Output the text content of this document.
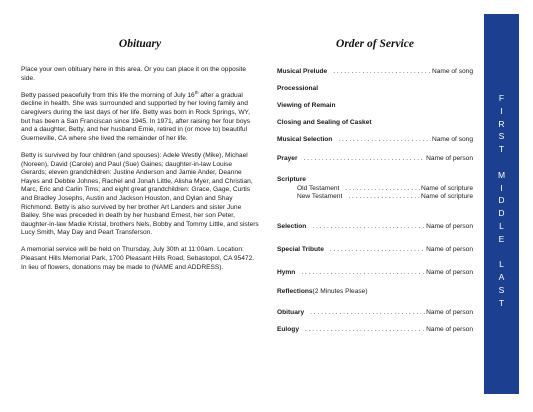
Obituary

Place your own obituary here in this area. Or you can place it on the opposite side.

Betty passed peacefully from this life the morning of July 16th after a gradual decline in health. She was surrounded and supported by her loving family and caregivers during the last days of her life. Betty was born in Rock Springs, WY, but has been a San Franciscan since 1945. In 1971, after raising her four boys and a daughter, Betty, and her husband Ernie, retired in (or move to) beautiful Guerneville, CA where she lived the remainder of her life.

Betty is survived by four children (and spouses): Adele Westly (Mike), Michael (Noreen), David (Carole) and Paul (Sue) Gaines; daughter-in-law Louise Gerards; eleven grandchildren: Justine Anderson and Jamie Ander, Deanne Hayes and Debbie Johnes, Rachel and Jonah Little, Alisha Myer, and Christian, Marc, Eric and Carlin Tims; and eight great grandchildren: Grace, Gage, Curtis and Bradley Josephs, Austin and Jackson Houston, and Dylan and Shay Richmond. Betty is also survived by her brother Art Landers and sister June Bailey. She was preceded in death by her husband Ernest, her son Peter, daughter-in-law Madie Kristal, brothers Nels, Bobby and Tommy Little, and sisters Lucy Smith, May Day and Peart Transferson.

A memorial service will be held on Thursday, July 30th at 11:00am. Location: Pleasant Hills Memorial Park, 1700 Pleasant Hills Road, Sebastopol, CA 95472. In lieu of flowers, donations may be made to (NAME and ADDRESS).

Order of Service
Musical Prelude . . .	Name of song
Processional
Viewing of Remain
Closing and Sealing of Casket
Musical Selection . . .	Name of song
Prayer . . .	Name of person
Scripture
Old Testament . . .	Name of scripture
New Testament . . .	Name of scripture
Selection . . .	Name of person
Special Tribute . . .	Name of person
Hymn . . .	Name of person
Reflections (2 Minutes Please)
Obituary . . .	Name of person
Eulogy . . .	Name of person
F
I
R
S
T
M
I
D
D
L
E
L
A
S
T
